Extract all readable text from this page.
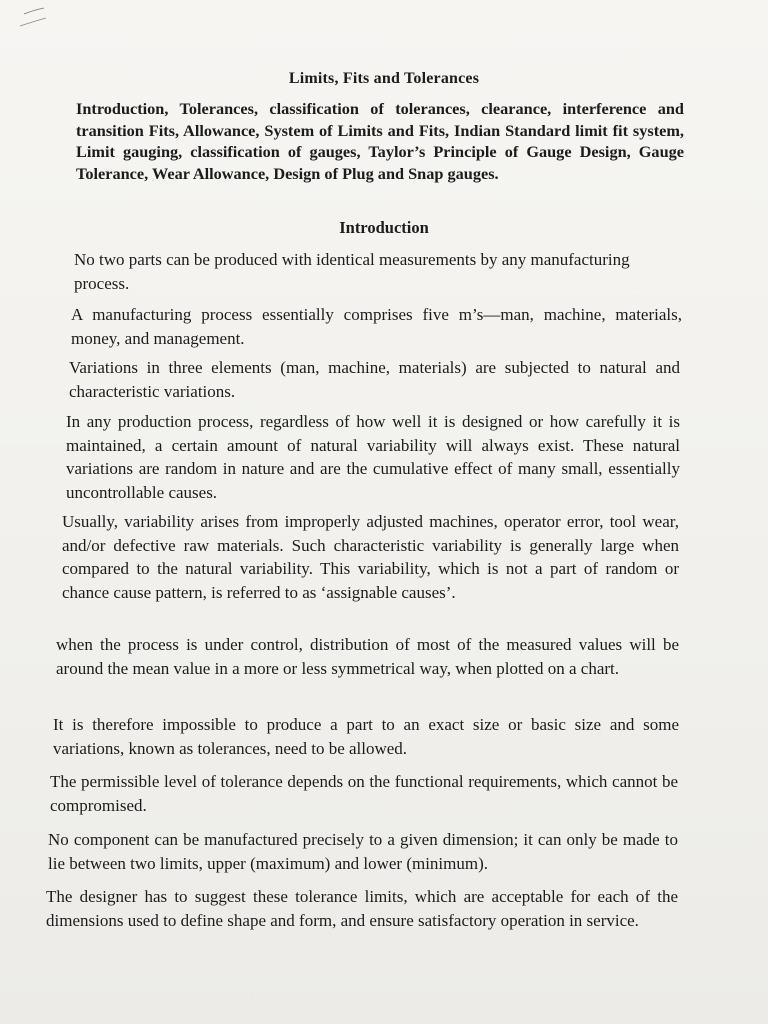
Limits, Fits and Tolerances
Introduction, Tolerances, classification of tolerances, clearance, interference and transition Fits, Allowance, System of Limits and Fits, Indian Standard limit fit system, Limit gauging, classification of gauges, Taylor’s Principle of Gauge Design, Gauge Tolerance, Wear Allowance, Design of Plug and Snap gauges.
Introduction
No two parts can be produced with identical measurements by any manufacturing process.
A manufacturing process essentially comprises five m’s—man, machine, materials, money, and management.
Variations in three elements (man, machine, materials) are subjected to natural and characteristic variations.
In any production process, regardless of how well it is designed or how carefully it is maintained, a certain amount of natural variability will always exist. These natural variations are random in nature and are the cumulative effect of many small, essentially uncontrollable causes.
Usually, variability arises from improperly adjusted machines, operator error, tool wear, and/or defective raw materials. Such characteristic variability is generally large when compared to the natural variability. This variability, which is not a part of random or chance cause pattern, is referred to as ‘assignable causes’.
when the process is under control, distribution of most of the measured values will be around the mean value in a more or less symmetrical way, when plotted on a chart.
It is therefore impossible to produce a part to an exact size or basic size and some variations, known as tolerances, need to be allowed.
The permissible level of tolerance depends on the functional requirements, which cannot be compromised.
No component can be manufactured precisely to a given dimension; it can only be made to lie between two limits, upper (maximum) and lower (minimum).
The designer has to suggest these tolerance limits, which are acceptable for each of the dimensions used to define shape and form, and ensure satisfactory operation in service.
